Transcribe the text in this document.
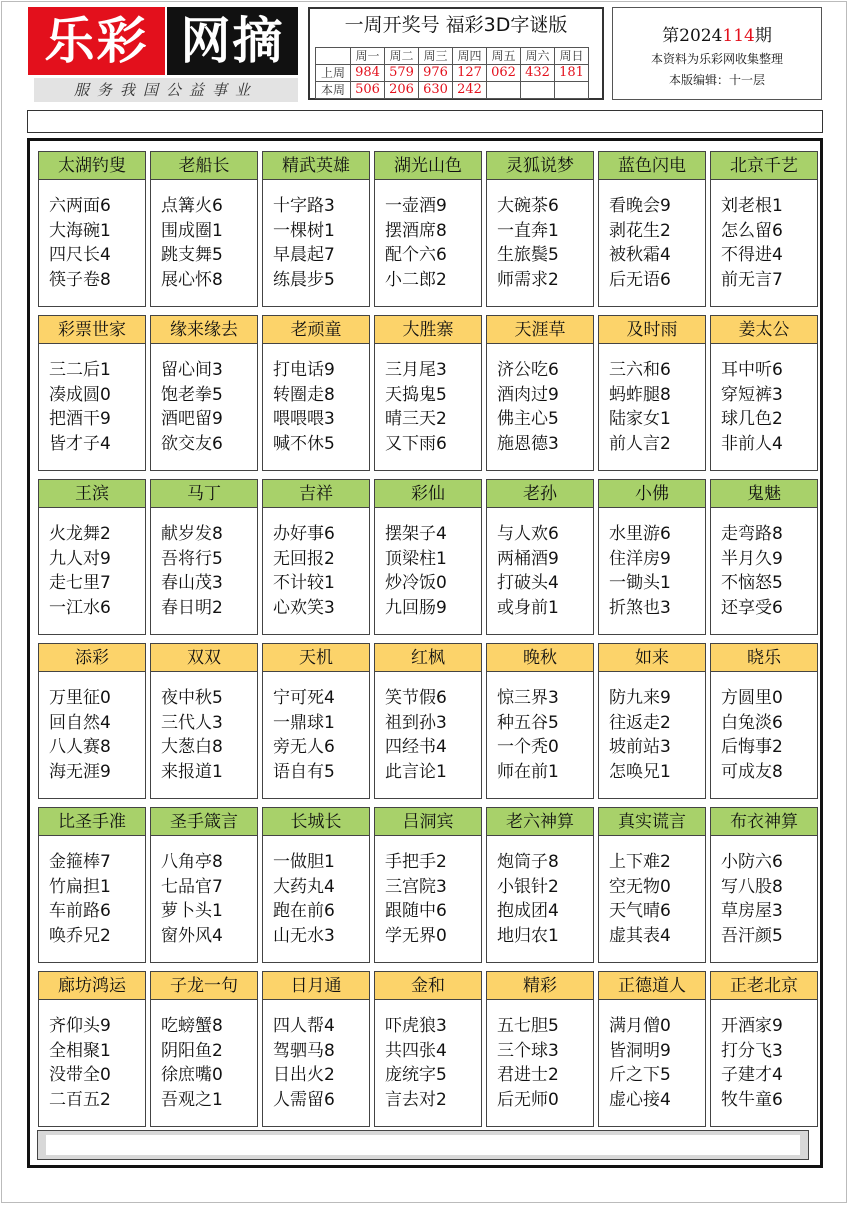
乐彩 网摘
服务我国公益事业
一周开奖号 福彩3D字谜版
	周一	周二	周三	周四	周五	周六	周日
上周	984	579	976	127	062	432	181
本周	506	206	630	242			
第2024114期
本资料为乐彩网收集整理
本版编辑：十一层
太湖钓叟
六两面6
大海碗1
四尺长4
筷子卷8
老船长
点篝火6
围成圈1
跳支舞5
展心怀8
精武英雄
十字路3
一棵树1
早晨起7
练晨步5
湖光山色
一壶酒9
摆酒席8
配个六6
小二郎2
灵狐说梦
大碗茶6
一直奔1
生旅鬓5
师需求2
蓝色闪电
看晚会9
剥花生2
被秋霜4
后无语6
北京千艺
刘老根1
怎么留6
不得进4
前无言7
彩票世家
三二后1
凑成圆0
把酒干9
皆才子4
缘来缘去
留心间3
饱老拳5
酒吧留9
欲交友6
老顽童
打电话9
转圈走8
喂喂喂3
喊不休5
大胜寨
三月尾3
天捣鬼5
晴三天2
又下雨6
天涯草
济公吃6
酒肉过9
佛主心5
施恩德3
及时雨
三六和6
蚂蚱腿8
陆家女1
前人言2
姜太公
耳中听6
穿短裤3
球几色2
非前人4
王滨
火龙舞2
九人对9
走七里7
一江水6
马丁
献岁发8
吾将行5
春山茂3
春日明2
吉祥
办好事6
无回报2
不计较1
心欢笑3
彩仙
摆架子4
顶梁柱1
炒冷饭0
九回肠9
老孙
与人欢6
两桶酒9
打破头4
或身前1
小佛
水里游6
住洋房9
一锄头1
折煞也3
鬼魅
走弯路8
半月久9
不恼怒5
还享受6
添彩
万里征0
回自然4
八人赛8
海无涯9
双双
夜中秋5
三代人3
大葱白8
来报道1
天机
宁可死4
一鼎球1
旁无人6
语自有5
红枫
笑节假6
祖到孙3
四经书4
此言论1
晚秋
惊三界3
种五谷5
一个秃0
师在前1
如来
防九来9
往返走2
坡前站3
怎唤兄1
晓乐
方圆里0
白兔淡6
后悔事2
可成友8
比圣手准
金箍棒7
竹扁担1
车前路6
唤乔兄2
圣手箴言
八角亭8
七品官7
萝卜头1
窗外风4
长城长
一做胆1
大药丸4
跑在前6
山无水3
吕洞宾
手把手2
三宫院3
跟随中6
学无界0
老六神算
炮筒子8
小银针2
抱成团4
地归农1
真实谎言
上下难2
空无物0
天气晴6
虚其表4
布衣神算
小防六6
写八股8
草房屋3
吾汗颜5
廊坊鸿运
齐仰头9
全相聚1
没带全0
二百五2
子龙一句
吃螃蟹8
阴阳鱼2
徐庶嘴0
吾观之1
日月通
四人帮4
驾驷马8
日出火2
人需留6
金和
吓虎狼3
共四张4
庞统字5
言去对2
精彩
五七胆5
三个球3
君进士2
后无师0
正德道人
满月僧0
皆洞明9
斤之下5
虚心接4
正老北京
开酒家9
打分飞3
子建才4
牧牛童6
